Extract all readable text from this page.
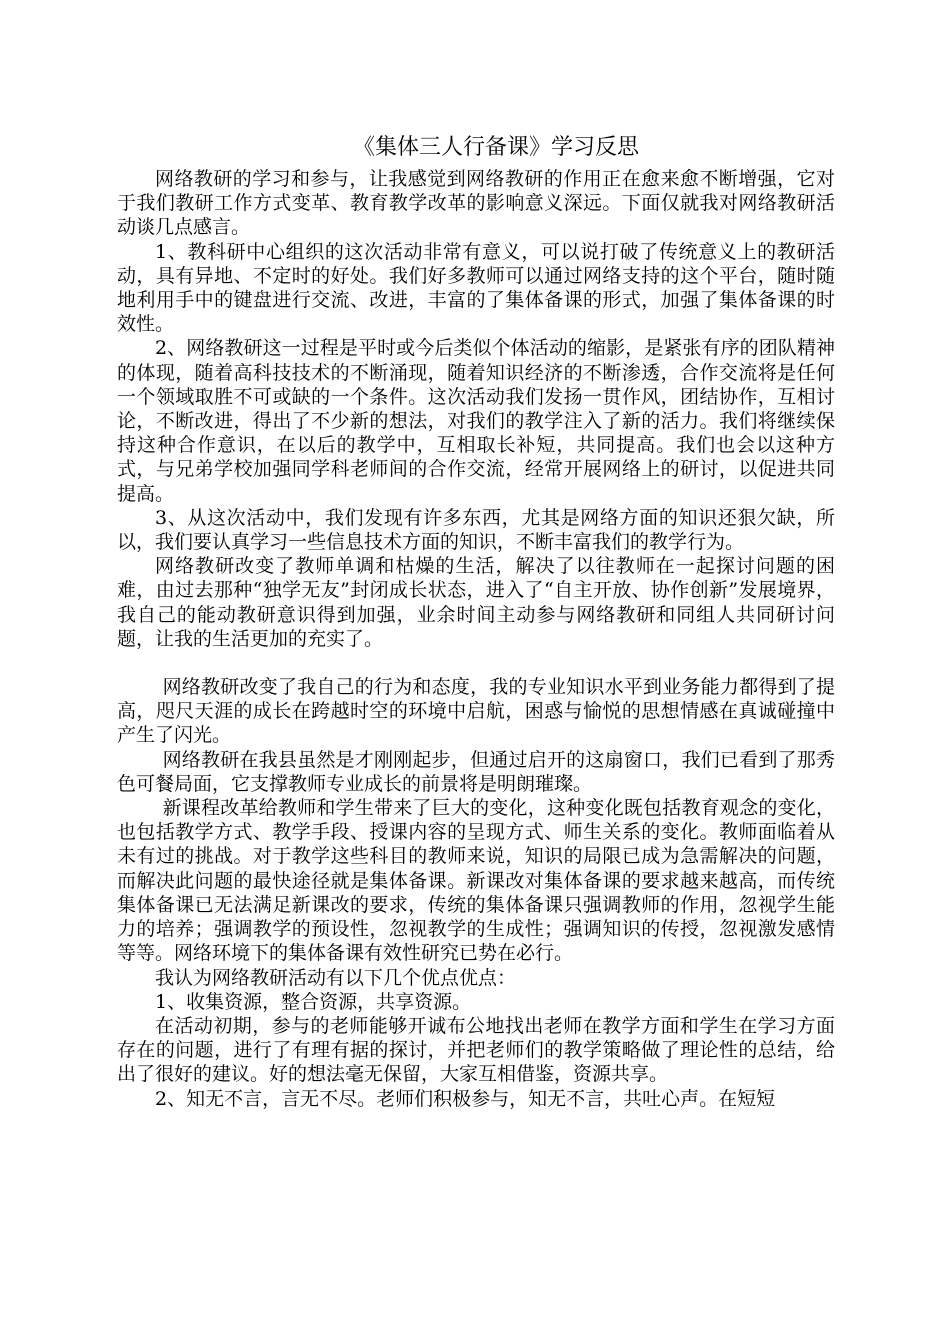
《集体三人行备课》学习反思

网络教研的学习和参与，让我感觉到网络教研的作用正在愈来愈不断增强，它对于我们教研工作方式变革、教育教学改革的影响意义深远。下面仅就我对网络教研活动谈几点感言。

1、教科研中心组织的这次活动非常有意义，可以说打破了传统意义上的教研活动，具有异地、不定时的好处。我们好多教师可以通过网络支持的这个平台，随时随地利用手中的键盘进行交流、改进，丰富的了集体备课的形式，加强了集体备课的时效性。

2、网络教研这一过程是平时或今后类似个体活动的缩影，是紧张有序的团队精神的体现，随着高科技技术的不断涌现，随着知识经济的不断渗透，合作交流将是任何一个领域取胜不可或缺的一个条件。这次活动我们发扬一贯作风，团结协作，互相讨论，不断改进，得出了不少新的想法，对我们的教学注入了新的活力。我们将继续保持这种合作意识，在以后的教学中，互相取长补短，共同提高。我们也会以这种方式，与兄弟学校加强同学科老师间的合作交流，经常开展网络上的研讨，以促进共同提高。

3、从这次活动中，我们发现有许多东西，尤其是网络方面的知识还狠欠缺，所以，我们要认真学习一些信息技术方面的知识，不断丰富我们的教学行为。

网络教研改变了教师单调和枯燥的生活，解决了以往教师在一起探讨问题的困难，由过去那种“独学无友”封闭成长状态，进入了“自主开放、协作创新”发展境界，我自己的能动教研意识得到加强，业余时间主动参与网络教研和同组人共同研讨问题，让我的生活更加的充实了。

网络教研改变了我自己的行为和态度，我的专业知识水平到业务能力都得到了提高，咫尺天涯的成长在跨越时空的环境中启航，困惑与愉悦的思想情感在真诚碰撞中产生了闪光。

网络教研在我县虽然是才刚刚起步，但通过启开的这扇窗口，我们已看到了那秀色可餐局面，它支撑教师专业成长的前景将是明朗璀璨。

新课程改革给教师和学生带来了巨大的变化，这种变化既包括教育观念的变化，也包括教学方式、教学手段、授课内容的呈现方式、师生关系的变化。教师面临着从未有过的挑战。对于教学这些科目的教师来说，知识的局限已成为急需解决的问题，而解决此问题的最快途径就是集体备课。新课改对集体备课的要求越来越高，而传统集体备课已无法满足新课改的要求，传统的集体备课只强调教师的作用，忽视学生能力的培养；强调教学的预设性，忽视教学的生成性；强调知识的传授，忽视激发感情等等。网络环境下的集体备课有效性研究已势在必行。

我认为网络教研活动有以下几个优点优点：

1、收集资源，整合资源，共享资源。

在活动初期，参与的老师能够开诚布公地找出老师在教学方面和学生在学习方面存在的问题，进行了有理有据的探讨，并把老师们的教学策略做了理论性的总结，给出了很好的建议。好的想法毫无保留，大家互相借鉴，资源共享。

2、知无不言，言无不尽。老师们积极参与，知无不言，共吐心声。在短短
